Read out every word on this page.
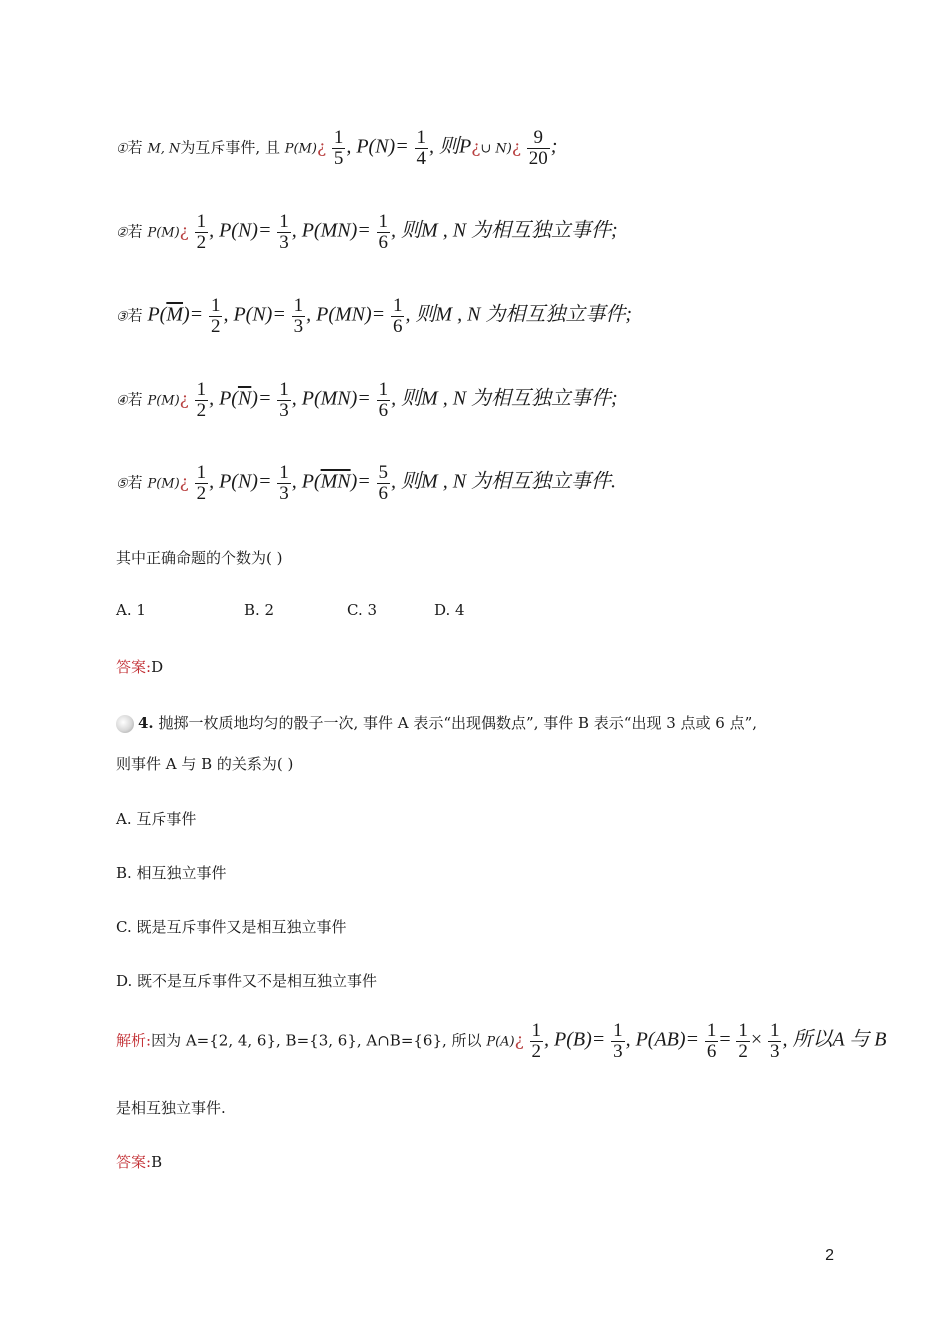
①若 M, N为互斥事件, 且 P(M)¿ $\frac{1}{5}$ , $P(N)= \frac{1}{4}$ , 则P¿∪ N)¿ $\frac{9}{20}$ ;
②若 P(M)¿ $\frac{1}{2}$ , $P(N)= \frac{1}{3}$ , $P(MN)= \frac{1}{6}$ , 则M , N 为相互独立事件;
③若 $P(\overline{M})= \frac{1}{2}$ , $P(N)= \frac{1}{3}$ , $P(MN)= \frac{1}{6}$ , 则M , N 为相互独立事件;
④若 P(M)¿ $\frac{1}{2}$ , $P(\overline{N})= \frac{1}{3}$ , $P(MN)= \frac{1}{6}$ , 则M , N 为相互独立事件;
⑤若 P(M)¿ $\frac{1}{2}$ , $P(N)= \frac{1}{3}$ , $P(\overline{MN})= \frac{5}{6}$ , 则M , N 为相互独立事件.
其中正确命题的个数为( )
A. 1	B. 2	C. 3	D. 4
答案:D
4. 抛掷一枚质地均匀的骰子一次, 事件 A 表示“出现偶数点”, 事件 B 表示“出现 3 点或 6 点”,
则事件 A 与 B 的关系为( )
A. 互斥事件
B. 相互独立事件
C. 既是互斥事件又是相互独立事件
D. 既不是互斥事件又不是相互独立事件
解析:因为 A={2, 4, 6}, B={3, 6}, A∩B={6}, 所以 P(A)¿ $\frac{1}{2}$ , $P(B)= \frac{1}{3}$ , $P(AB)= \frac{1}{6} = \frac{1}{2} \times \frac{1}{3}$ , 所以A 与 B
是相互独立事件.
答案:B
2
